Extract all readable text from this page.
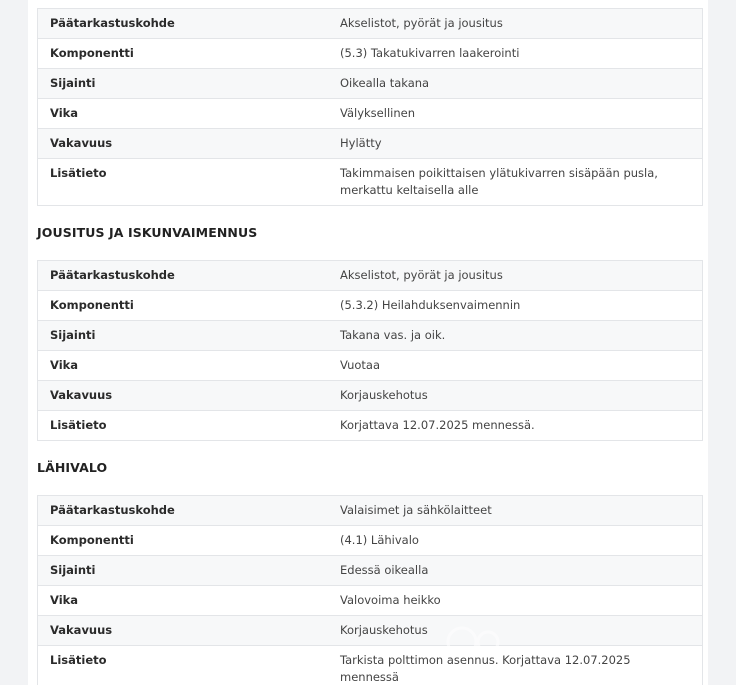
Päätarkastuskohde	Akselistot, pyörät ja jousitus
Komponentti	(5.3) Takatukivarren laakerointi
Sijainti	Oikealla takana
Vika	Välyksellinen
Vakavuus	Hylätty
Lisätieto	Takimmaisen poikittaisen ylätukivarren sisäpään pusla, merkattu keltaisella alle
JOUSITUS JA ISKUNVAIMENNUS
Päätarkastuskohde	Akselistot, pyörät ja jousitus
Komponentti	(5.3.2) Heilahduksenvaimennin
Sijainti	Takana vas. ja oik.
Vika	Vuotaa
Vakavuus	Korjauskehotus
Lisätieto	Korjattava 12.07.2025 mennessä.
LÄHIVALO
Päätarkastuskohde	Valaisimet ja sähkölaitteet
Komponentti	(4.1) Lähivalo
Sijainti	Edessä oikealla
Vika	Valovoima heikko
Vakavuus	Korjauskehotus
Lisätieto	Tarkista polttimon asennus. Korjattava 12.07.2025 mennessä
